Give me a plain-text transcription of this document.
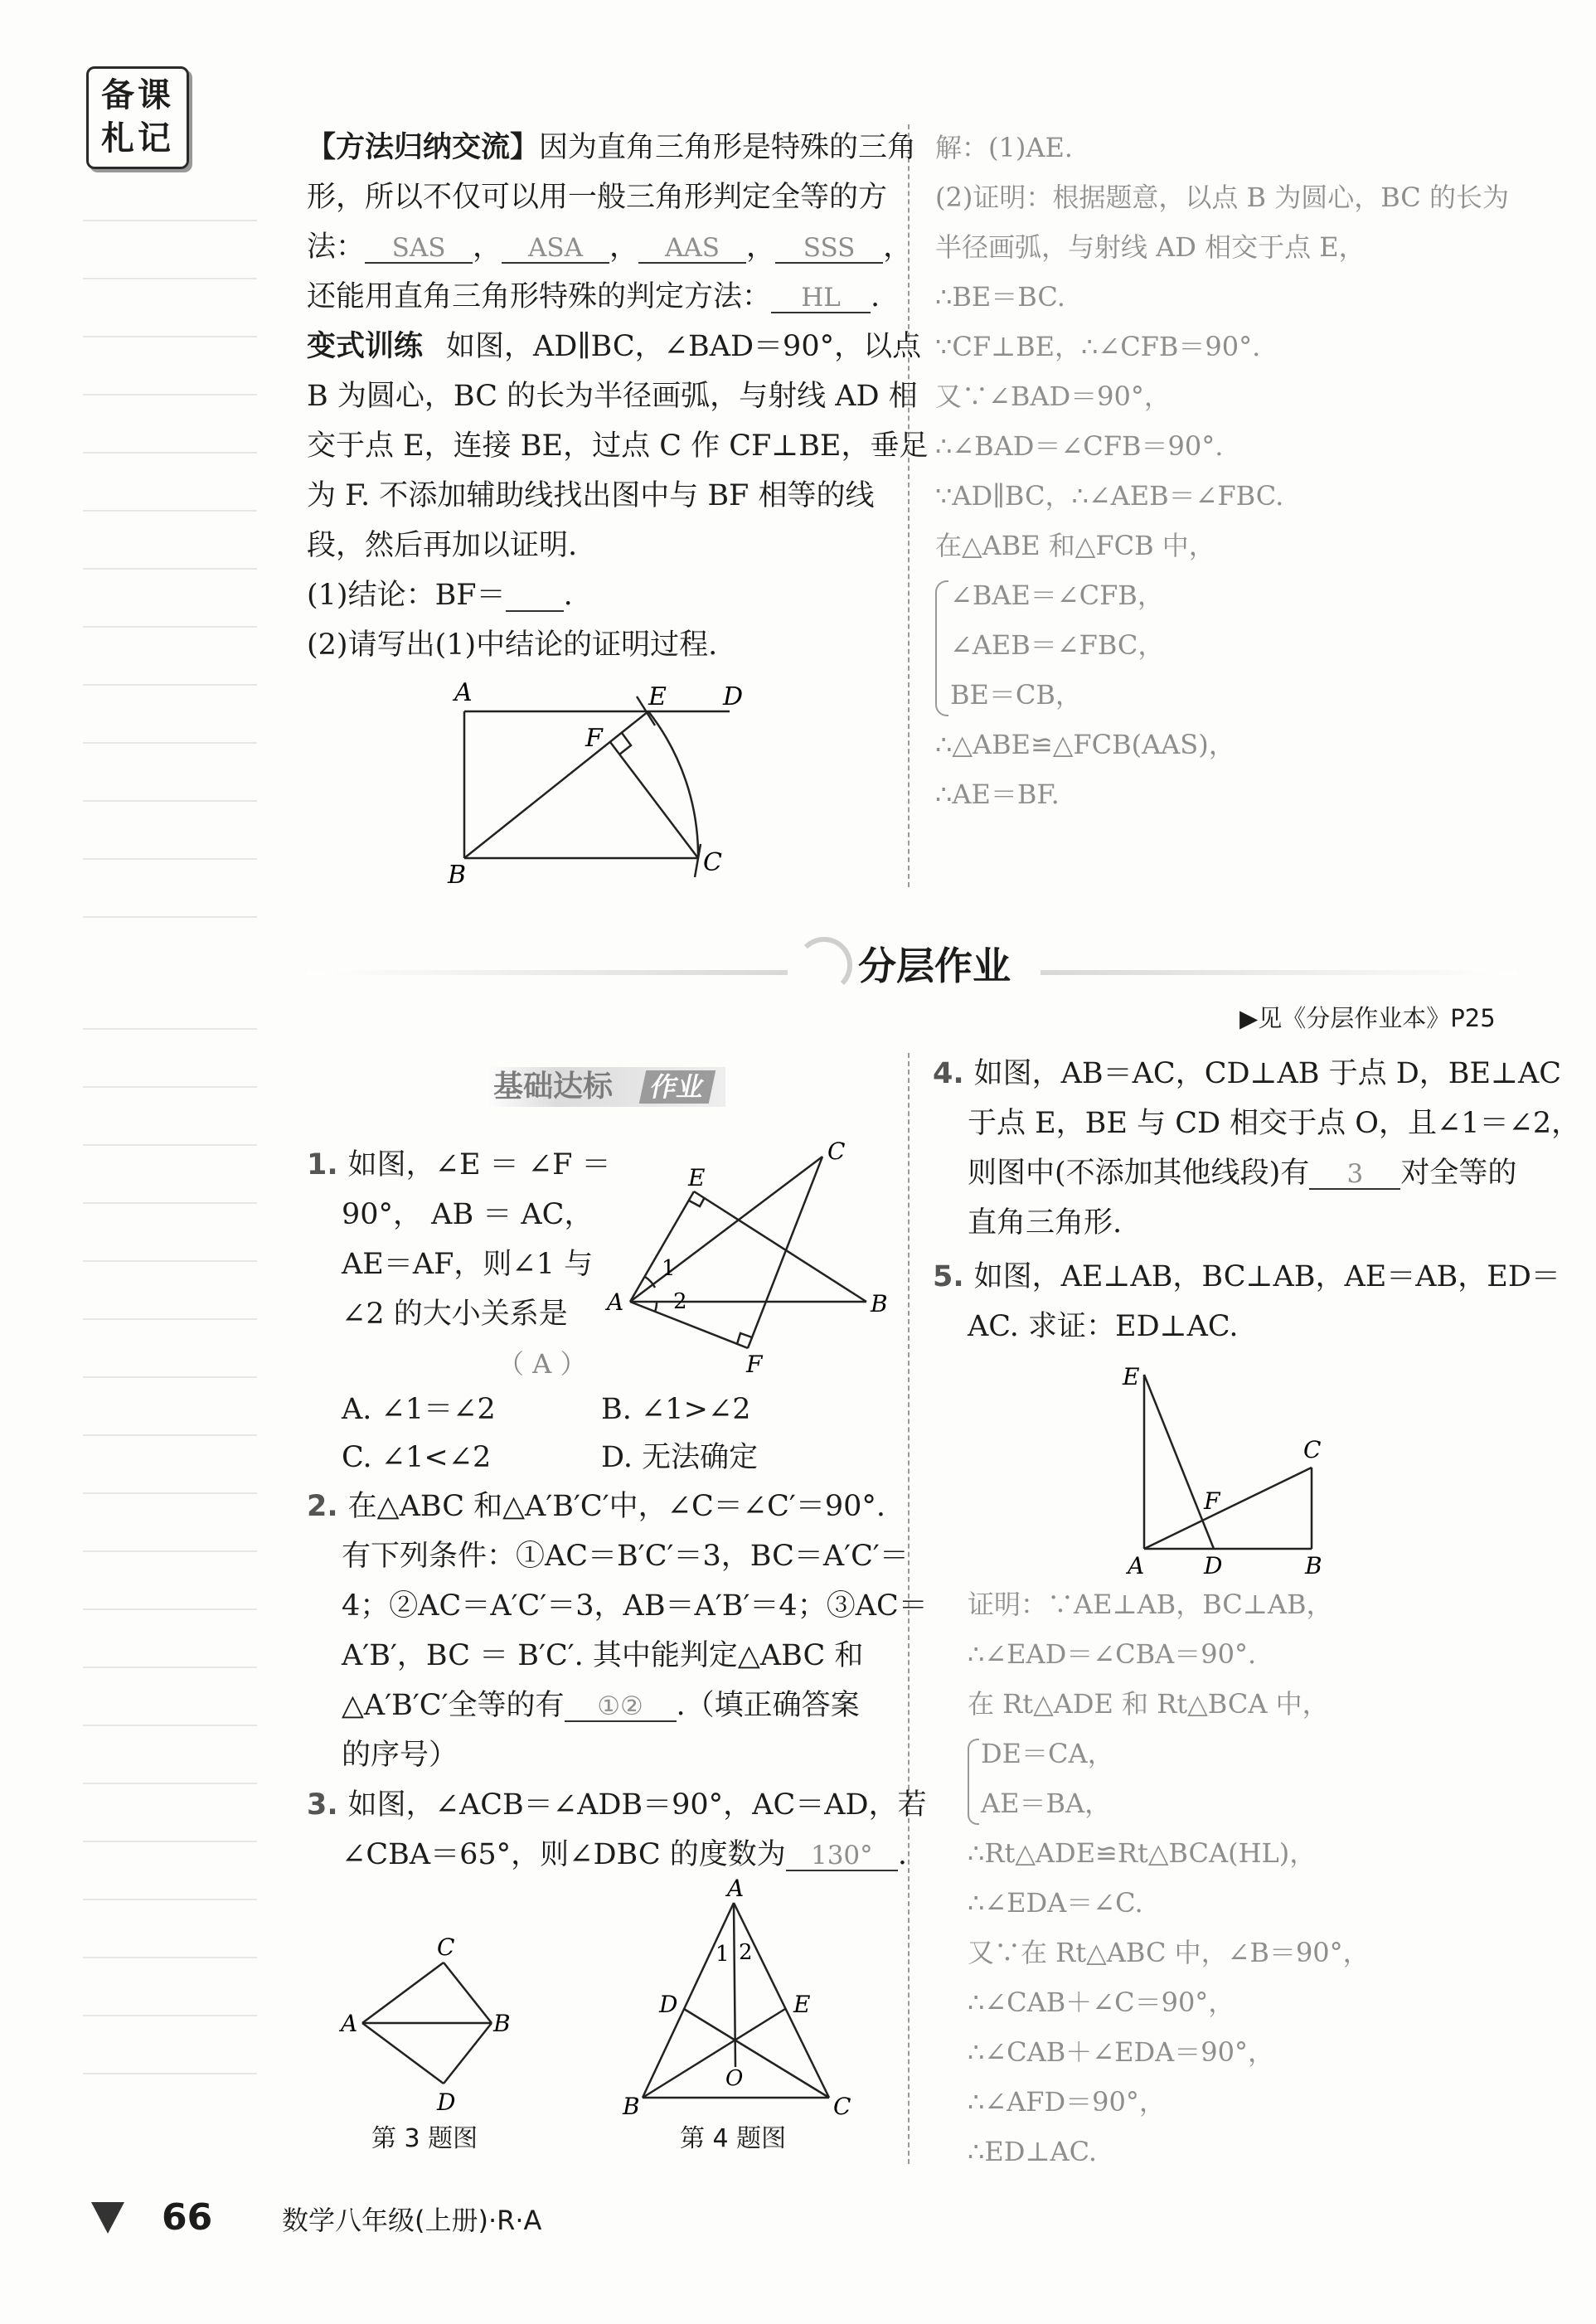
备课
札记	【方法归纳交流】因为直角三角形是特殊的三角
形，所以不仅可以用一般三角形判定全等的方
法： SAS ， ASA ， AAS ， SSS ，
还能用直角三角形特殊的判定方法： HL .
变式训练 如图，AD∥BC，∠BAD＝90°，以点
B 为圆心，BC 的长为半径画弧，与射线 AD 相
交于点 E，连接 BE，过点 C 作 CF⊥BE，垂足
为 F. 不添加辅助线找出图中与 BF 相等的线
段，然后再加以证明.
(1)结论：BF＝ .
(2)请写出(1)中结论的证明过程.
A	E D
F
B	C
解：(1)AE.
(2)证明：根据题意，以点 B 为圆心，BC 的长为
半径画弧，与射线 AD 相交于点 E，
∴BE＝BC.
∵CF⊥BE，∴∠CFB＝90°.
又∵∠BAD＝90°，
∴∠BAD＝∠CFB＝90°.
∵AD∥BC，∴∠AEB＝∠FBC.
在△ABE 和△FCB 中，
∠BAE＝∠CFB，
∠AEB＝∠FBC，
BE＝CB，
∴△ABE≌△FCB(AAS)，
∴AE＝BF.
分层作业
▶见《分层作业本》P25
基础达标	作业
1. 如图，∠E ＝ ∠F ＝
90°， AB ＝ AC，
AE＝AF，则∠1 与
∠2 的大小关系是
（ A ）
A. ∠1＝∠2	B. ∠1>∠2
C. ∠1<∠2	D. 无法确定
E
C
A	B
F
1
2
2. 在△ABC 和△A′B′C′中，∠C＝∠C′＝90°.
有下列条件：①AC＝B′C′＝3，BC＝A′C′＝
4；②AC＝A′C′＝3，AB＝A′B′＝4；③AC＝
A′B′，BC ＝ B′C′. 其中能判定△ABC 和
△A′B′C′全等的有 ①② .（填正确答案
的序号）
3. 如图，∠ACB＝∠ADB＝90°，AC＝AD，若
∠CBA＝65°，则∠DBC 的度数为 130° .
C
A	B
D
第 3 题图
A
1 2
D	E
O
B	C
第 4 题图
4. 如图，AB＝AC，CD⊥AB 于点 D，BE⊥AC
于点 E，BE 与 CD 相交于点 O，且∠1＝∠2，
则图中(不添加其他线段)有 3 对全等的
直角三角形.
5. 如图，AE⊥AB，BC⊥AB，AE＝AB，ED＝
AC. 求证：ED⊥AC.
E
C
F
A	D	B
证明：∵AE⊥AB，BC⊥AB，
∴∠EAD＝∠CBA＝90°.
在 Rt△ADE 和 Rt△BCA 中，
DE＝CA，
AE＝BA，
∴Rt△ADE≌Rt△BCA(HL)，
∴∠EDA＝∠C.
又∵在 Rt△ABC 中，∠B＝90°，
∴∠CAB＋∠C＝90°，
∴∠CAB＋∠EDA＝90°，
∴∠AFD＝90°，
∴ED⊥AC.
66	数学八年级(上册)·R·A
